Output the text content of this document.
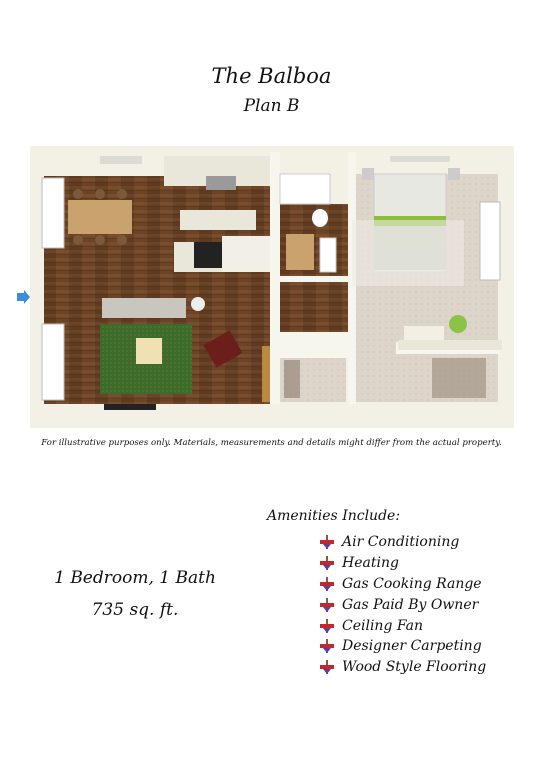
The Balboa
Plan B
For illustrative purposes only. Materials, measurements and details might differ from the actual property.
1 Bedroom, 1 Bath
735 sq. ft.
Amenities Include:
Air Conditioning
Heating
Gas Cooking Range
Gas Paid By Owner
Ceiling Fan
Designer Carpeting
Wood Style Flooring
